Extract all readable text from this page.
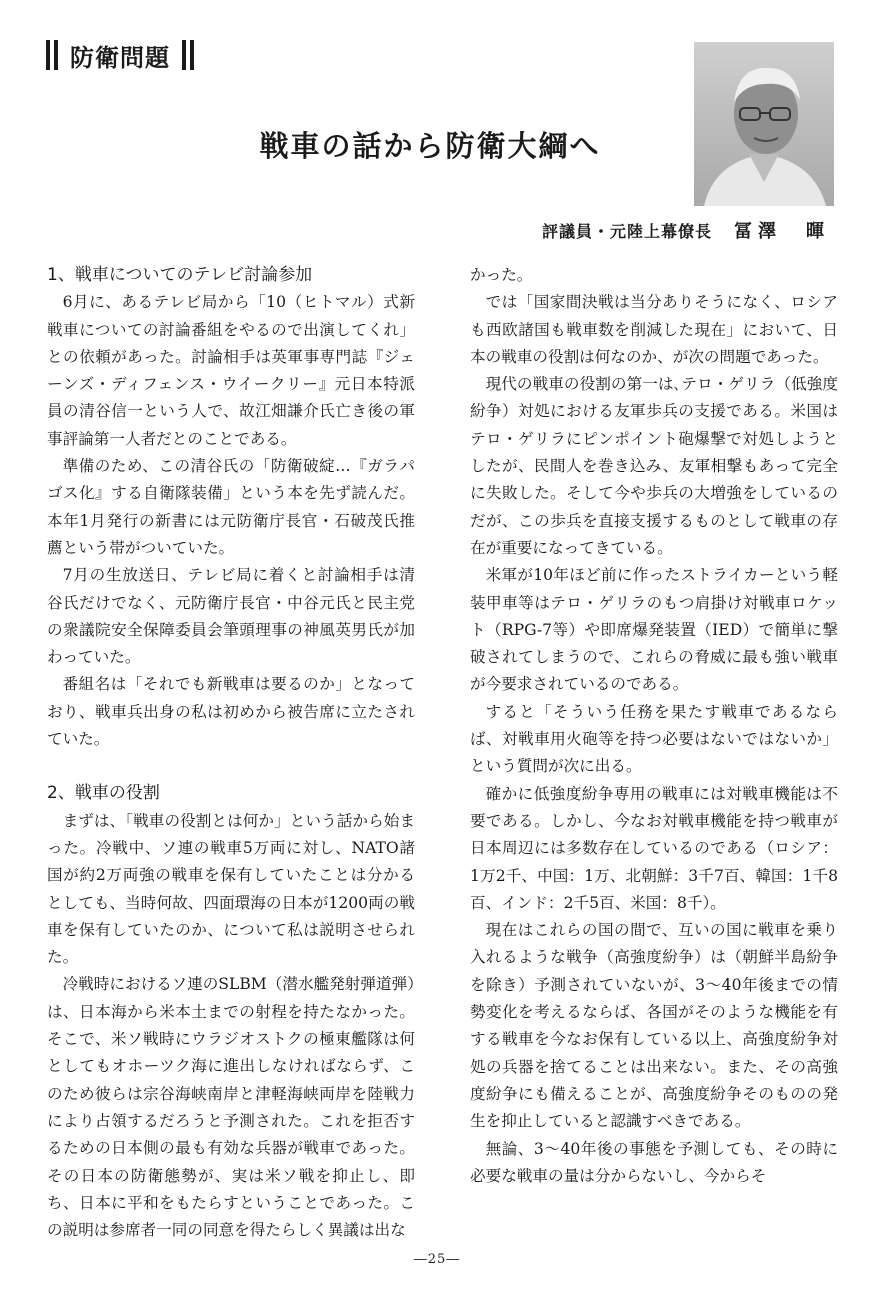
防衛問題
戦車の話から防衛大綱へ
評議員・元陸上幕僚長 冨澤　暉
1、戦車についてのテレビ討論参加

6月に、あるテレビ局から「10（ヒトマル）式新戦車についての討論番組をやるので出演してくれ」との依頼があった。討論相手は英軍事専門誌『ジェーンズ・ディフェンス・ウイークリー』元日本特派員の清谷信一という人で、故江畑謙介氏亡き後の軍事評論第一人者だとのことである。

準備のため、この清谷氏の「防衛破綻…『ガラパゴス化』する自衛隊装備」という本を先ず読んだ。本年1月発行の新書には元防衛庁長官・石破茂氏推薦という帯がついていた。

7月の生放送日、テレビ局に着くと討論相手は清谷氏だけでなく、元防衛庁長官・中谷元氏と民主党の衆議院安全保障委員会筆頭理事の神風英男氏が加わっていた。

番組名は「それでも新戦車は要るのか」となっており、戦車兵出身の私は初めから被告席に立たされていた。

2、戦車の役割

まずは、「戦車の役割とは何か」という話から始まった。冷戦中、ソ連の戦車5万両に対し、NATO諸国が約2万両強の戦車を保有していたことは分かるとしても、当時何故、四面環海の日本が1200両の戦車を保有していたのか、について私は説明させられた。

冷戦時におけるソ連のSLBM（潜水艦発射弾道弾）は、日本海から米本土までの射程を持たなかった。そこで、米ソ戦時にウラジオストクの極東艦隊は何としてもオホーツク海に進出しなければならず、このため彼らは宗谷海峡南岸と津軽海峡両岸を陸戦力により占領するだろうと予測された。これを拒否するための日本側の最も有効な兵器が戦車であった。その日本の防衛態勢が、実は米ソ戦を抑止し、即ち、日本に平和をもたらすということであった。この説明は参席者一同の同意を得たらしく異議は出な

かった。

では「国家間決戦は当分ありそうになく、ロシアも西欧諸国も戦車数を削減した現在」において、日本の戦車の役割は何なのか、が次の問題であった。

現代の戦車の役割の第一は､テロ・ゲリラ（低強度紛争）対処における友軍歩兵の支援である。米国はテロ・ゲリラにピンポイント砲爆撃で対処しようとしたが、民間人を巻き込み、友軍相撃もあって完全に失敗した。そして今や歩兵の大増強をしているのだが、この歩兵を直接支援するものとして戦車の存在が重要になってきている。

米軍が10年ほど前に作ったストライカーという軽装甲車等はテロ・ゲリラのもつ肩掛け対戦車ロケット（RPG-7等）や即席爆発装置（IED）で簡単に撃破されてしまうので、これらの脅威に最も強い戦車が今要求されているのである。

すると「そういう任務を果たす戦車であるならば、対戦車用火砲等を持つ必要はないではないか」という質問が次に出る。

確かに低強度紛争専用の戦車には対戦車機能は不要である。しかし、今なお対戦車機能を持つ戦車が日本周辺には多数存在しているのである（ロシア：1万2千、中国：1万、北朝鮮：3千7百、韓国：1千8百、インド：2千5百、米国：8千）。

現在はこれらの国の間で、互いの国に戦車を乗り入れるような戦争（高強度紛争）は（朝鮮半島紛争を除き）予測されていないが、3～40年後までの情勢変化を考えるならば、各国がそのような機能を有する戦車を今なお保有している以上、高強度紛争対処の兵器を捨てることは出来ない。また、その高強度紛争にも備えることが、高強度紛争そのものの発生を抑止していると認識すべきである。

無論、3～40年後の事態を予測しても、その時に必要な戦車の量は分からないし、今からそ

―25―
